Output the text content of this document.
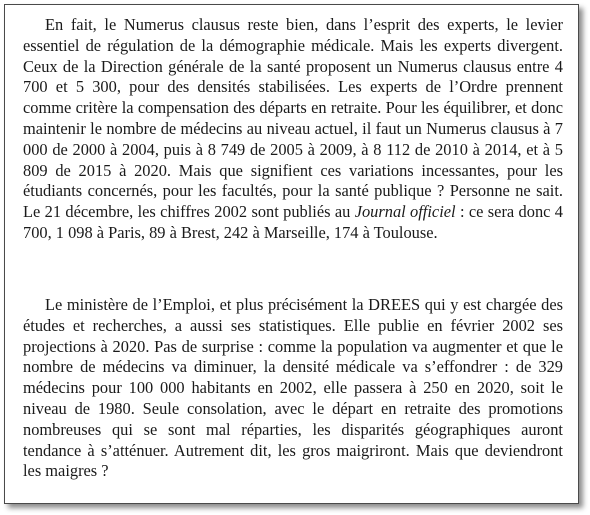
En fait, le Numerus clausus reste bien, dans l’esprit des experts, le levier essentiel de régulation de la démographie médicale. Mais les experts divergent. Ceux de la Direction générale de la santé proposent un Numerus clausus entre 4 700 et 5 300, pour des densités stabilisées. Les experts de l’Ordre prennent comme critère la compensation des départs en retraite. Pour les équilibrer, et donc maintenir le nombre de médecins au niveau actuel, il faut un Numerus clausus à 7 000 de 2000 à 2004, puis à 8 749 de 2005 à 2009, à 8 112 de 2010 à 2014, et à 5 809 de 2015 à 2020. Mais que signifient ces variations incessantes, pour les étudiants concernés, pour les facultés, pour la santé publique ? Personne ne sait. Le 21 décembre, les chiffres 2002 sont publiés au Journal officiel : ce sera donc 4 700, 1 098 à Paris, 89 à Brest, 242 à Marseille, 174 à Toulouse.

Le ministère de l’Emploi, et plus précisément la DREES qui y est chargée des études et recherches, a aussi ses statistiques. Elle publie en février 2002 ses projections à 2020. Pas de surprise : comme la population va augmenter et que le nombre de médecins va diminuer, la densité médicale va s’effondrer : de 329 médecins pour 100 000 habitants en 2002, elle passera à 250 en 2020, soit le niveau de 1980. Seule consolation, avec le départ en retraite des promotions nombreuses qui se sont mal réparties, les disparités géographiques auront tendance à s’atténuer. Autrement dit, les gros maigriront. Mais que deviendront les maigres ?
